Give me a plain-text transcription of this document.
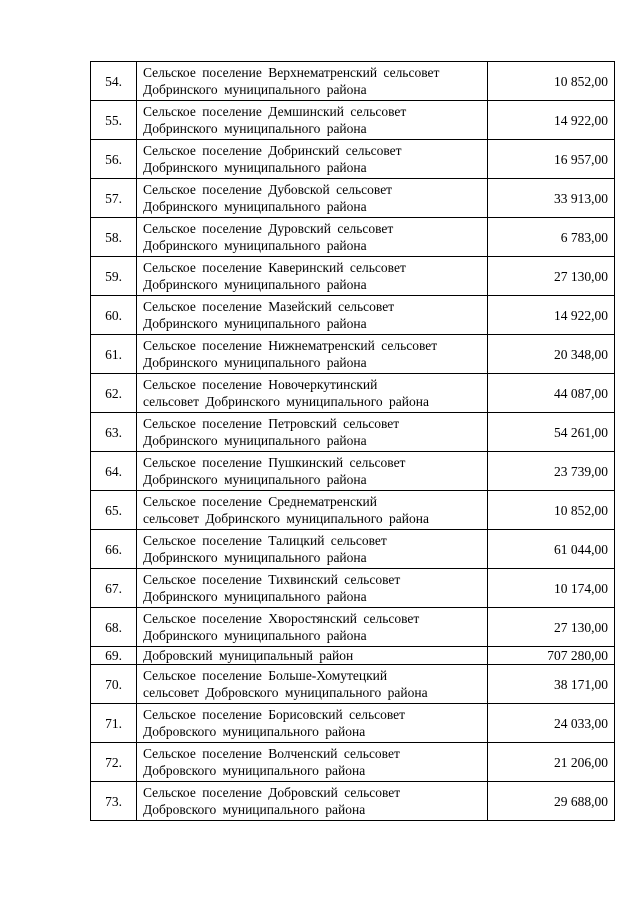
54.	Сельское поселение Верхнематренский сельсовет
Добринского муниципального района	10 852,00
55.	Сельское поселение Демшинский сельсовет
Добринского муниципального района	14 922,00
56.	Сельское поселение Добринский сельсовет
Добринского муниципального района	16 957,00
57.	Сельское поселение Дубовской сельсовет
Добринского муниципального района	33 913,00
58.	Сельское поселение Дуровский сельсовет
Добринского муниципального района	6 783,00
59.	Сельское поселение Каверинский сельсовет
Добринского муниципального района	27 130,00
60.	Сельское поселение Мазейский сельсовет
Добринского муниципального района	14 922,00
61.	Сельское поселение Нижнематренский сельсовет
Добринского муниципального района	20 348,00
62.	Сельское поселение Новочеркутинский
сельсовет Добринского муниципального района	44 087,00
63.	Сельское поселение Петровский сельсовет
Добринского муниципального района	54 261,00
64.	Сельское поселение Пушкинский сельсовет
Добринского муниципального района	23 739,00
65.	Сельское поселение Среднематренский
сельсовет Добринского муниципального района	10 852,00
66.	Сельское поселение Талицкий сельсовет
Добринского муниципального района	61 044,00
67.	Сельское поселение Тихвинский сельсовет
Добринского муниципального района	10 174,00
68.	Сельское поселение Хворостянский сельсовет
Добринского муниципального района	27 130,00
69.	Добровский муниципальный район	707 280,00
70.	Сельское поселение Больше-Хомутецкий
сельсовет Добровского муниципального района	38 171,00
71.	Сельское поселение Борисовский сельсовет
Добровского муниципального района	24 033,00
72.	Сельское поселение Волченский сельсовет
Добровского муниципального района	21 206,00
73.	Сельское поселение Добровский сельсовет
Добровского муниципального района	29 688,00
